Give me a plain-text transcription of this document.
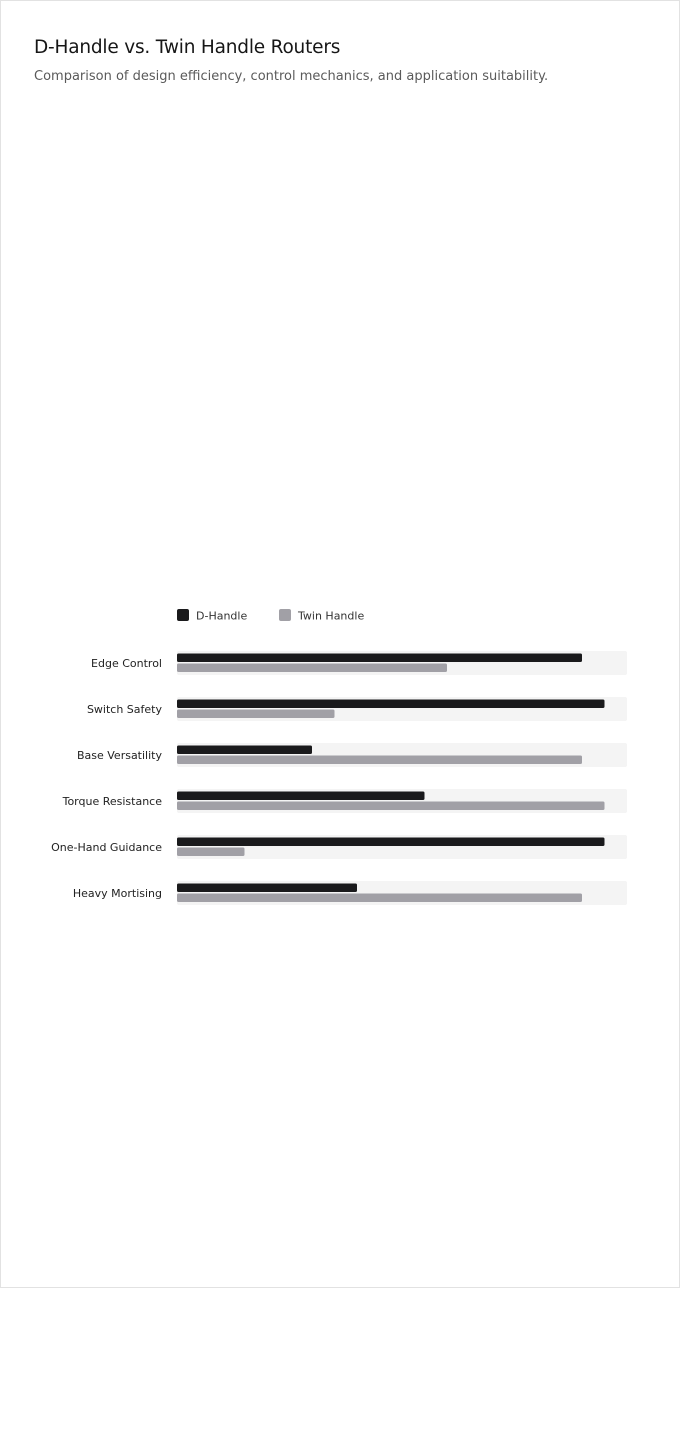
D-Handle vs. Twin Handle Routers

Comparison of design efficiency, control mechanics, and application suitability.

D-Handle	Twin Handle
Edge Control
Switch Safety
Base Versatility
Torque Resistance
One-Hand Guidance
Heavy Mortising
